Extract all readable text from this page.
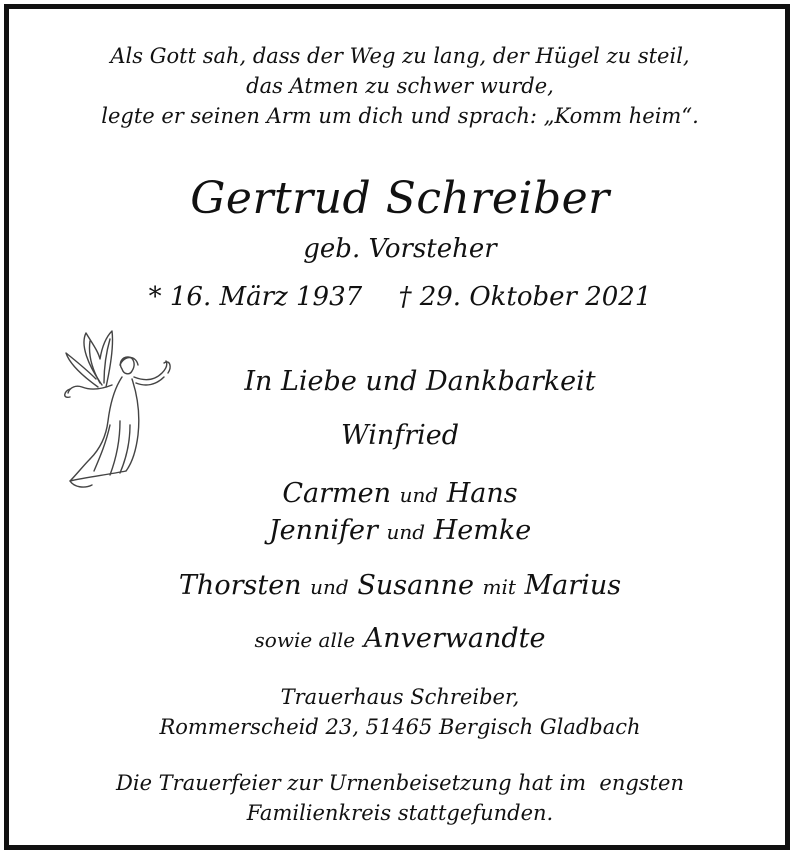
Als Gott sah, dass der Weg zu lang, der Hügel zu steil,
das Atmen zu schwer wurde,
legte er seinen Arm um dich und sprach: „Komm heim“.
Gertrud Schreiber
geb. Vorsteher
* 16. März 1937 † 29. Oktober 2021
In Liebe und Dankbarkeit
Winfried
Carmen und Hans
Jennifer und Hemke
Thorsten und Susanne mit Marius
sowie alle Anverwandte
Trauerhaus Schreiber,
Rommerscheid 23, 51465 Bergisch Gladbach
Die Trauerfeier zur Urnenbeisetzung hat im  engsten
Familienkreis stattgefunden.
